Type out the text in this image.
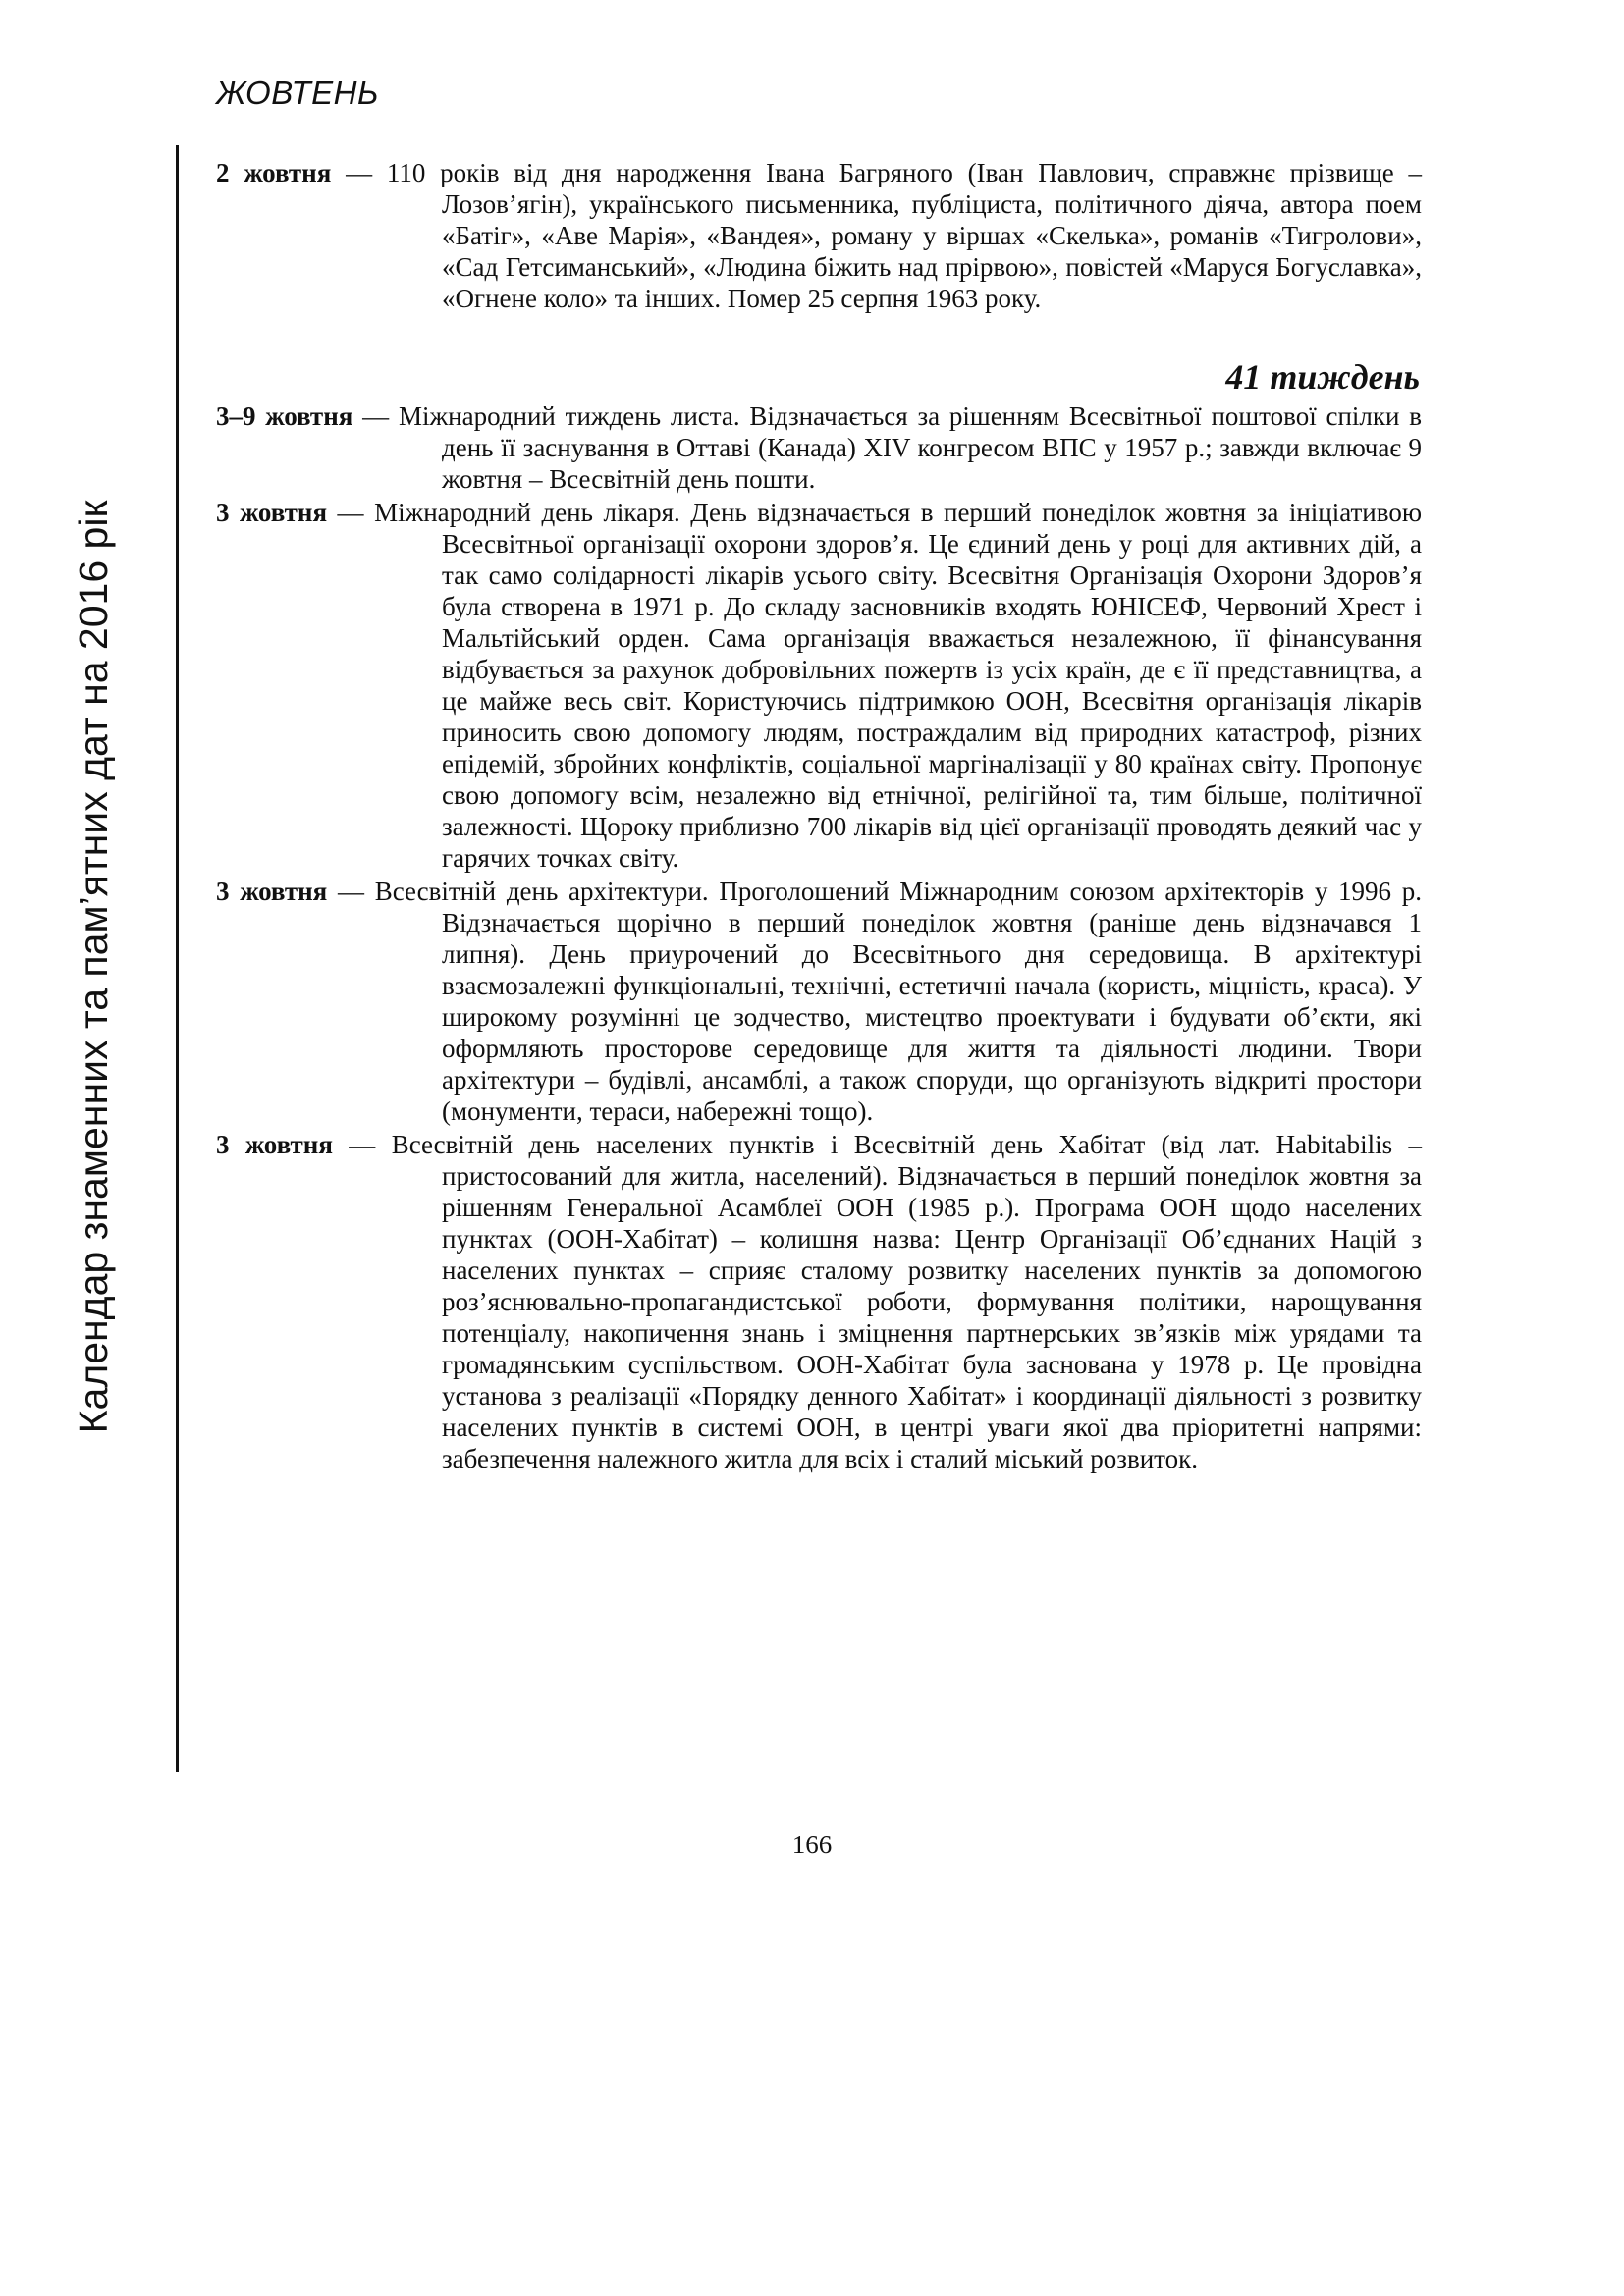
ЖОВТЕНЬ
Календар знаменних та пам’ятних дат на 2016 рік
2 жовтня — 110 років від дня народження Івана Багряного (Іван Павлович, справжнє прізвище – Лозов’ягін), українського письменника, публіциста, політичного діяча, автора поем «Батіг», «Аве Марія», «Вандея», роману у віршах «Скелька», романів «Тигролови», «Сад Гетсиманський», «Людина біжить над прірвою», повістей «Маруся Богуславка», «Огнене коло» та інших. Помер 25 серпня 1963 року.
41 тиждень
3–9 жовтня — Міжнародний тиждень листа. Відзначається за рішенням Всесвітньої поштової спілки в день її заснування в Оттаві (Канада) XIV конгресом ВПС у 1957 р.; завжди включає 9 жовтня – Всесвітній день пошти.
3 жовтня — Міжнародний день лікаря. День відзначається в перший понеділок жовтня за ініціативою Всесвітньої організації охорони здоров’я. Це єдиний день у році для активних дій, а так само солідарності лікарів усього світу. Всесвітня Організація Охорони Здоров’я була створена в 1971 р. До складу засновників входять ЮНІСЕФ, Червоний Хрест і Мальтійський орден. Сама організація вважається незалежною, її фінансування відбувається за рахунок добровільних пожертв із усіх країн, де є її представництва, а це майже весь світ. Користуючись підтримкою ООН, Всесвітня організація лікарів приносить свою допомогу людям, постраждалим від природних катастроф, різних епідемій, збройних конфліктів, соціальної маргіналізації у 80 країнах світу. Пропонує свою допомогу всім, незалежно від етнічної, релігійної та, тим більше, політичної залежності. Щороку приблизно 700 лікарів від цієї організації проводять деякий час у гарячих точках світу.
3 жовтня — Всесвітній день архітектури. Проголошений Міжнародним союзом архітекторів у 1996 р. Відзначається щорічно в перший понеділок жовтня (раніше день відзначався 1 липня). День приурочений до Всесвітнього дня середовища. В архітектурі взаємозалежні функціональні, технічні, естетичні начала (користь, міцність, краса). У широкому розумінні це зодчество, мистецтво проектувати і будувати об’єкти, які оформляють просторове середовище для життя та діяльності людини. Твори архітектури – будівлі, ансамблі, а також споруди, що організують відкриті простори (монументи, тераси, набережні тощо).
3 жовтня — Всесвітній день населених пунктів і Всесвітній день Хабітат (від лат. Habitabilis – пристосований для житла, населений). Відзначається в перший понеділок жовтня за рішенням Генеральної Асамблеї ООН (1985 р.). Програма ООН щодо населених пунктах (ООН-Хабітат) – колишня назва: Центр Організації Об’єднаних Націй з населених пунктах – сприяє сталому розвитку населених пунктів за допомогою роз’яснювально-пропагандистської роботи, формування політики, нарощування потенціалу, накопичення знань і зміцнення партнерських зв’язків між урядами та громадянським суспільством. ООН-Хабітат була заснована у 1978 р. Це провідна установа з реалізації «Порядку денного Хабітат» і координації діяльності з розвитку населених пунктів в системі ООН, в центрі уваги якої два пріоритетні напрями: забезпечення належного житла для всіх і сталий міський розвиток.
166
